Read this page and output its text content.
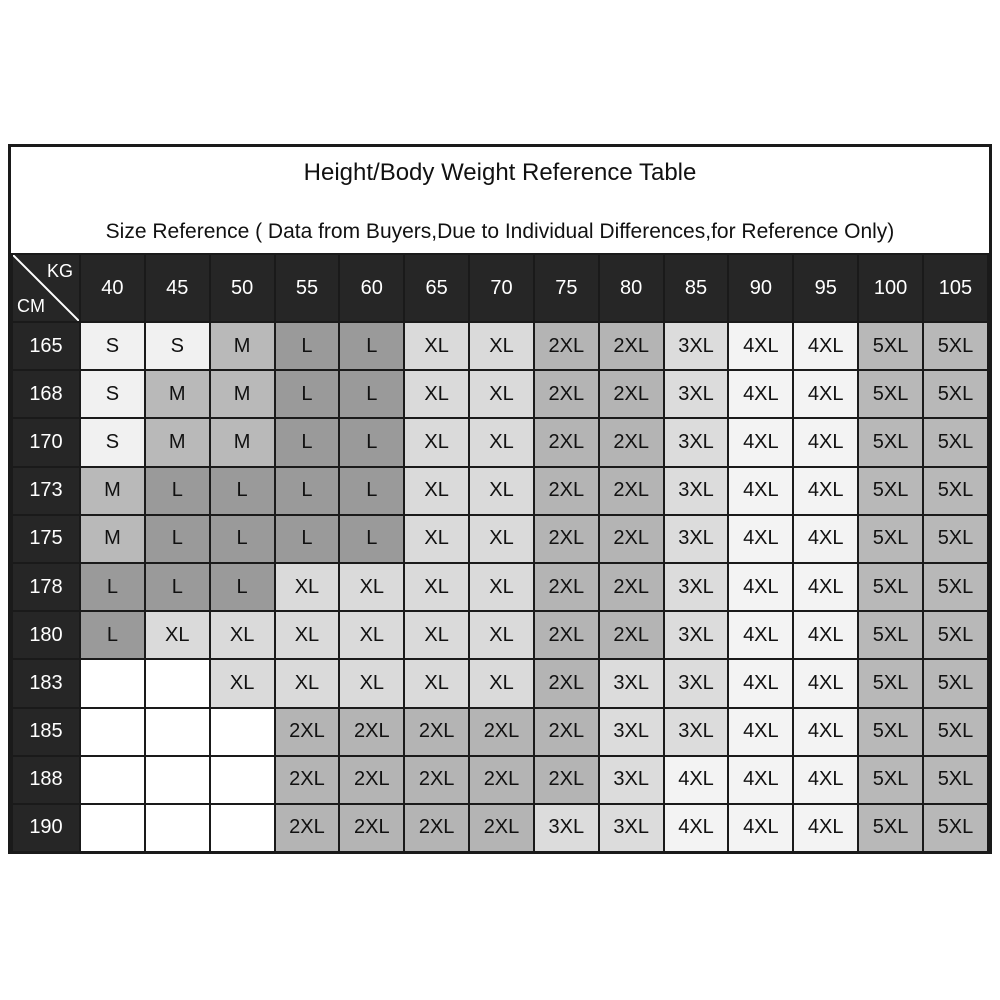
Height/Body Weight Reference Table
Size Reference ( Data from Buyers,Due to Individual Differences,for Reference Only)
KG
CM	40	45	50	55	60	65	70	75	80	85	90	95	100	105
165	S	S	M	L	L	XL	XL	2XL	2XL	3XL	4XL	4XL	5XL	5XL
168	S	M	M	L	L	XL	XL	2XL	2XL	3XL	4XL	4XL	5XL	5XL
170	S	M	M	L	L	XL	XL	2XL	2XL	3XL	4XL	4XL	5XL	5XL
173	M	L	L	L	L	XL	XL	2XL	2XL	3XL	4XL	4XL	5XL	5XL
175	M	L	L	L	L	XL	XL	2XL	2XL	3XL	4XL	4XL	5XL	5XL
178	L	L	L	XL	XL	XL	XL	2XL	2XL	3XL	4XL	4XL	5XL	5XL
180	L	XL	XL	XL	XL	XL	XL	2XL	2XL	3XL	4XL	4XL	5XL	5XL
183			XL	XL	XL	XL	XL	2XL	3XL	3XL	4XL	4XL	5XL	5XL
185				2XL	2XL	2XL	2XL	2XL	3XL	3XL	4XL	4XL	5XL	5XL
188				2XL	2XL	2XL	2XL	2XL	3XL	4XL	4XL	4XL	5XL	5XL
190				2XL	2XL	2XL	2XL	3XL	3XL	4XL	4XL	4XL	5XL	5XL
